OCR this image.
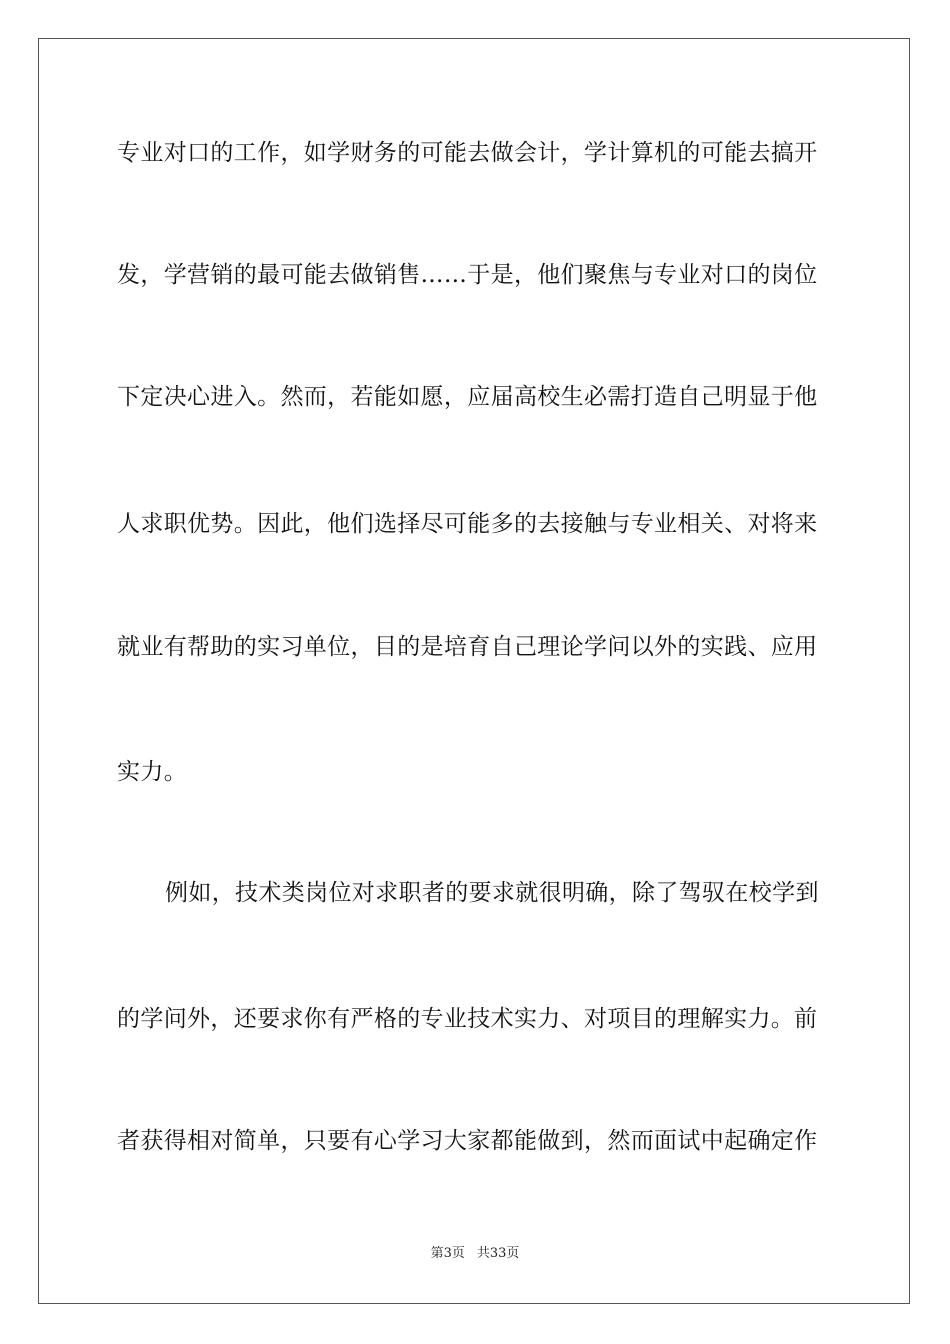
专业对口的工作，如学财务的可能去做会计，学计算机的可能去搞开
发，学营销的最可能去做销售……于是，他们聚焦与专业对口的岗位
下定决心进入。然而，若能如愿，应届高校生必需打造自己明显于他
人求职优势。因此，他们选择尽可能多的去接触与专业相关、对将来
就业有帮助的实习单位，目的是培育自己理论学问以外的实践、应用
实力。
例如，技术类岗位对求职者的要求就很明确，除了驾驭在校学到
的学问外，还要求你有严格的专业技术实力、对项目的理解实力。前
者获得相对简单，只要有心学习大家都能做到，然而面试中起确定作
第3页 共33页
